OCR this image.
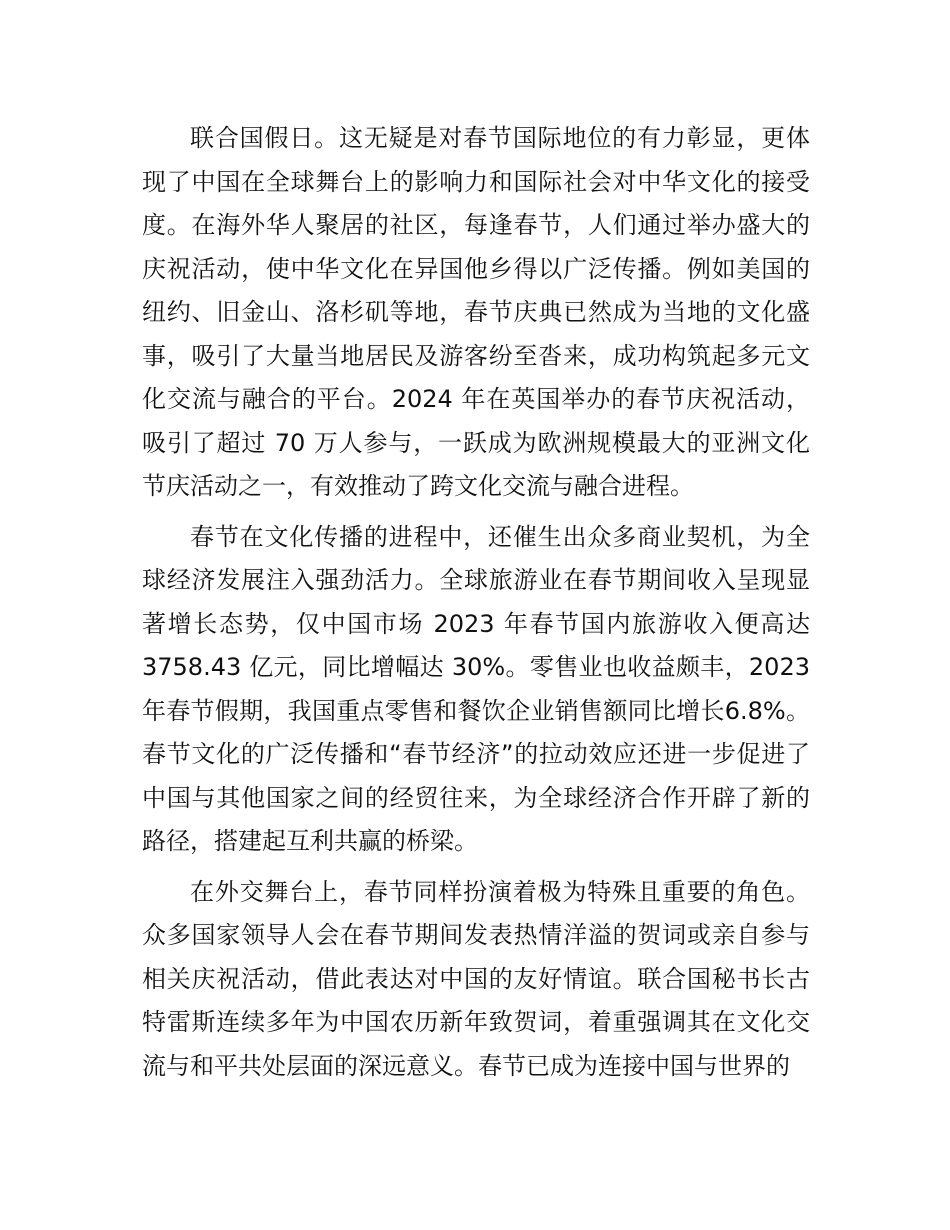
联合国假日。这无疑是对春节国际地位的有力彰显，更体现了中国在全球舞台上的影响力和国际社会对中华文化的接受度。在海外华人聚居的社区，每逢春节，人们通过举办盛大的庆祝活动，使中华文化在异国他乡得以广泛传播。例如美国的纽约、旧金山、洛杉矶等地，春节庆典已然成为当地的文化盛事，吸引了大量当地居民及游客纷至沓来，成功构筑起多元文化交流与融合的平台。2024 年在英国举办的春节庆祝活动，吸引了超过 70 万人参与，一跃成为欧洲规模最大的亚洲文化节庆活动之一，有效推动了跨文化交流与融合进程。

春节在文化传播的进程中，还催生出众多商业契机，为全球经济发展注入强劲活力。全球旅游业在春节期间收入呈现显著增长态势，仅中国市场 2023 年春节国内旅游收入便高达3758.43 亿元，同比增幅达 30%。零售业也收益颇丰，2023 年春节假期，我国重点零售和餐饮企业销售额同比增长6.8%。春节文化的广泛传播和“春节经济”的拉动效应还进一步促进了中国与其他国家之间的经贸往来，为全球经济合作开辟了新的路径，搭建起互利共赢的桥梁。

在外交舞台上，春节同样扮演着极为特殊且重要的角色。众多国家领导人会在春节期间发表热情洋溢的贺词或亲自参与相关庆祝活动，借此表达对中国的友好情谊。联合国秘书长古特雷斯连续多年为中国农历新年致贺词，着重强调其在文化交流与和平共处层面的深远意义。春节已成为连接中国与世界的
